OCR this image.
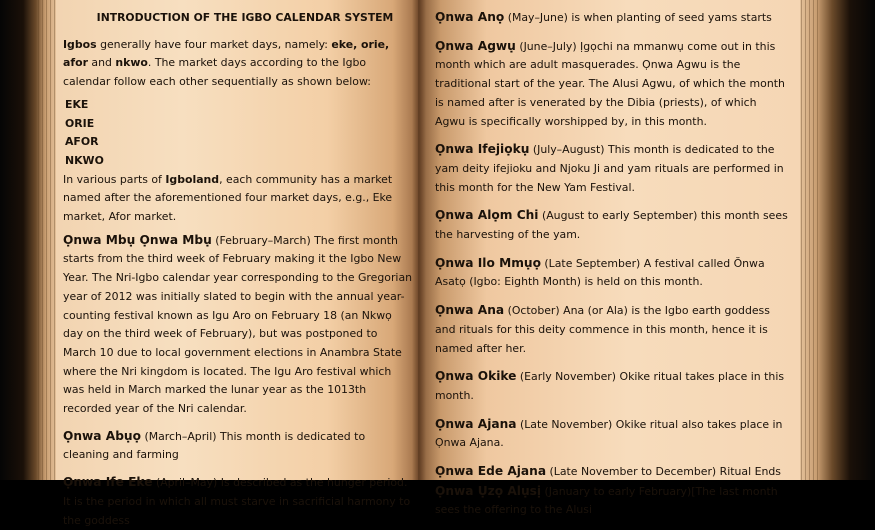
INTRODUCTION OF THE IGBO CALENDAR SYSTEM

Igbos generally have four market days, namely: eke, orie, afor and nkwo. The market days according to the Igbo calendar follow each other sequentially as shown below:

EKE

ORIE

AFOR

NKWO

In various parts of Igboland, each community has a market named after the aforementioned four market days, e.g., Eke market, Afor market.

Ọnwa Mbụ Ọnwa Mbụ (February–March) The first month starts from the third week of February making it the Igbo New Year. The Nri-Igbo calendar year corresponding to the Gregorian year of 2012 was initially slated to begin with the annual year-counting festival known as Igu Aro on February 18 (an Nkwọ day on the third week of February), but was postponed to March 10 due to local government elections in Anambra State where the Nri kingdom is located. The Igu Aro festival which was held in March marked the lunar year as the 1013th recorded year of the Nri calendar.

Ọnwa Abụọ (March–April) This month is dedicated to cleaning and farming

Ọnwa Ife Eke (April–May) Is described as the hunger period. It is the period in which all must starve in sacrificial harmony to the goddess

Ọnwa Anọ (May–June) is when planting of seed yams starts

Ọnwa Agwụ (June–July) Ịgọchi na mmanwụ come out in this month which are adult masquerades. Ọnwa Agwu is the traditional start of the year. The Alusi Agwu, of which the month is named after is venerated by the Dibia (priests), of which Agwu is specifically worshipped by, in this month.

Ọnwa Ifejiọkụ (July–August) This month is dedicated to the yam deity ifejioku and Njoku Ji and yam rituals are performed in this month for the New Yam Festival.

Ọnwa Alọm Chi (August to early September) this month sees the harvesting of the yam.

Ọnwa Ilo Mmụọ (Late September) A festival called Ŏnwa Asatọ (Igbo: Eighth Month) is held on this month.

Ọnwa Ana (October) Ana (or Ala) is the Igbo earth goddess and rituals for this deity commence in this month, hence it is named after her.

Ọnwa Okike (Early November) Okike ritual takes place in this month.

Ọnwa Ajana (Late November) Okike ritual also takes place in Ọnwa Ajana.

Ọnwa Ede Ajana (Late November to December) Ritual Ends

Ọnwa Ụzọ Alụsị (January to early February)[The last month sees the offering to the Alusi
